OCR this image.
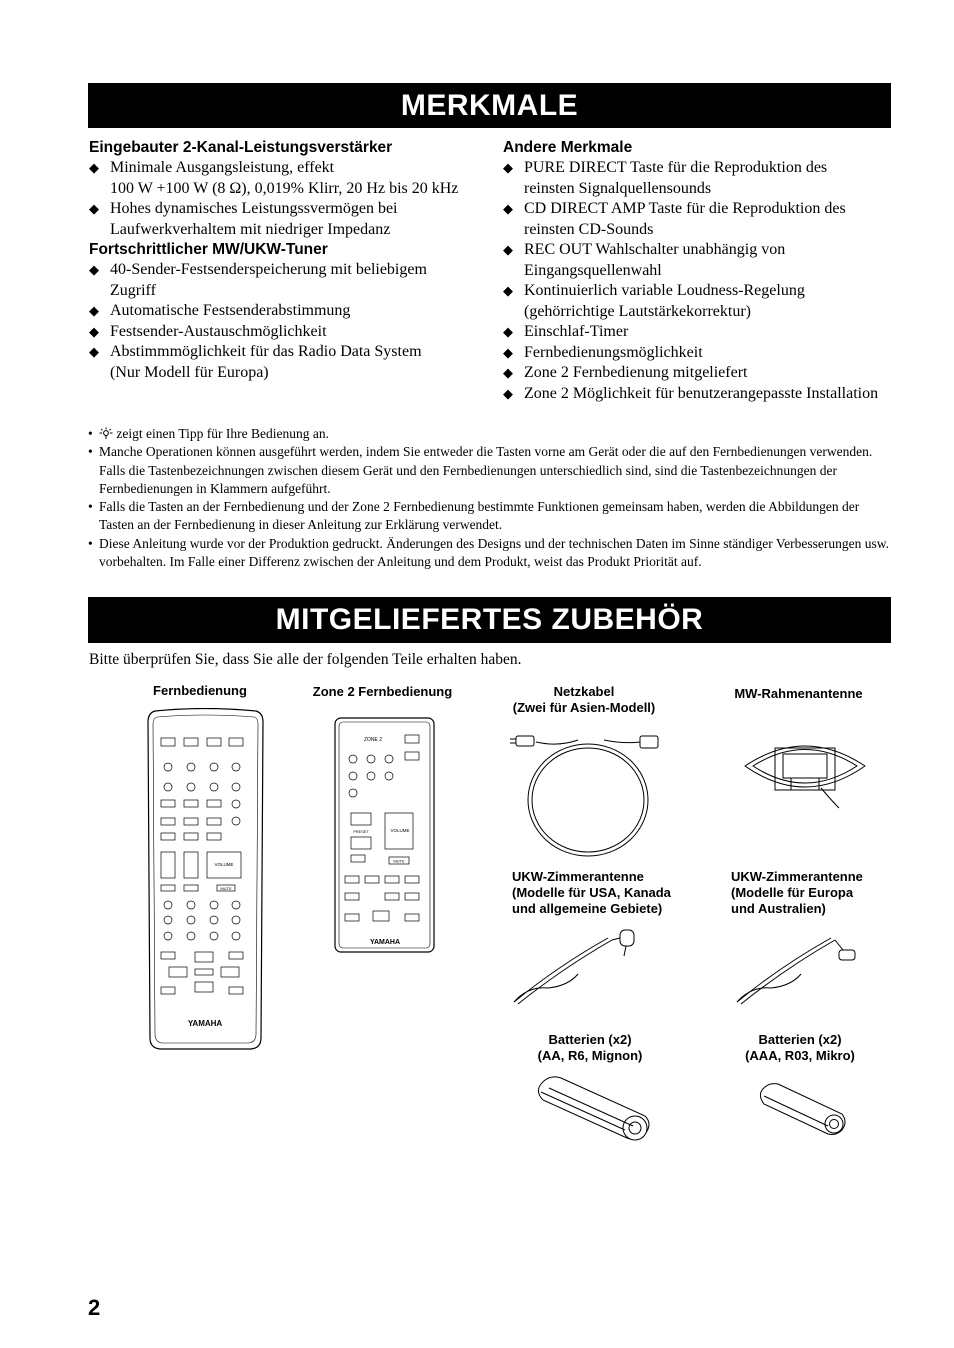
MERKMALE
Eingebauter 2-Kanal-Leistungsverstärker
◆ Minimale Ausgangsleistung, effekt
100 W +100 W (8 Ω), 0,019% Klirr, 20 Hz bis 20 kHz
◆ Hohes dynamisches Leistungssvermögen bei
Laufwerkverhaltem mit niedriger Impedanz
Fortschrittlicher MW/UKW-Tuner
◆ 40-Sender-Festsenderspeicherung mit beliebigem
Zugriff
◆ Automatische Festsenderabstimmung
◆ Festsender-Austauschmöglichkeit
◆ Abstimmmöglichkeit für das Radio Data System
(Nur Modell für Europa)
Andere Merkmale
◆ PURE DIRECT Taste für die Reproduktion des
reinsten Signalquellensounds
◆ CD DIRECT AMP Taste für die Reproduktion des
reinsten CD-Sounds
◆ REC OUT Wahlschalter unabhängig von
Eingangsquellenwahl
◆ Kontinuierlich variable Loudness-Regelung
(gehörrichtige Lautstärkekorrektur)
◆ Einschlaf-Timer
◆ Fernbedienungsmöglichkeit
◆ Zone 2 Fernbedienung mitgeliefert
◆ Zone 2 Möglichkeit für benutzerangepasste Installation
• zeigt einen Tipp für Ihre Bedienung an.
• Manche Operationen können ausgeführt werden, indem Sie entweder die Tasten vorne am Gerät oder die auf den Fernbedienungen verwenden. Falls die Tastenbezeichnungen zwischen diesem Gerät und den Fernbedienungen unterschiedlich sind, sind die Tastenbezeichnungen der Fernbedienungen in Klammern aufgeführt.
• Falls die Tasten an der Fernbedienung und der Zone 2 Fernbedienung bestimmte Funktionen gemeinsam haben, werden die Abbildungen der Tasten an der Fernbedienung in dieser Anleitung zur Erklärung verwendet.
• Diese Anleitung wurde vor der Produktion gedruckt. Änderungen des Designs und der technischen Daten im Sinne ständiger Verbesserungen usw. vorbehalten. Im Falle einer Differenz zwischen der Anleitung und dem Produkt, weist das Produkt Priorität auf.
MITGELIEFERTES ZUBEHÖR
Bitte überprüfen Sie, dass Sie alle der folgenden Teile erhalten haben.
Fernbedienung	Zone 2 Fernbedienung	Netzkabel
(Zwei für Asien-Modell)
MW-Rahmenantenne
UKW-Zimmerantenne
(Modelle für USA, Kanada
und allgemeine Gebiete)
UKW-Zimmerantenne
(Modelle für Europa
und Australien)
Batterien (x2)
(AA, R6, Mignon)
Batterien (x2)
(AAA, R03, Mikro)
YAMAHA
VOLUME
MUTE
ZONE 2
VOLUME
PRESET
MUTE
YAMAHA
2
